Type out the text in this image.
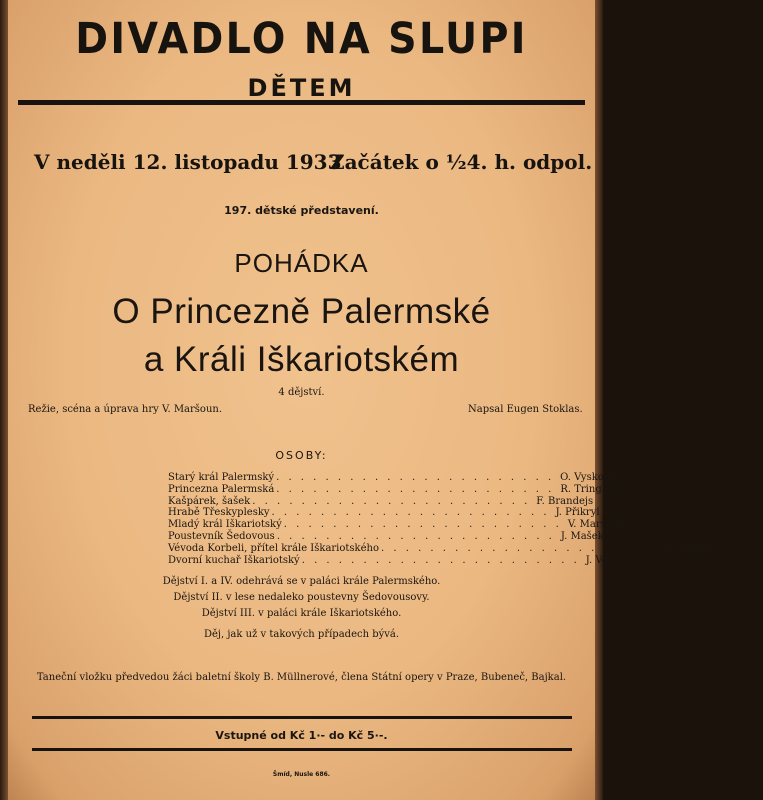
DIVADLO NA SLUPI
DĚTEM
V neděli 12. listopadu 1933
Začátek o ½4. h. odpol.
197. dětské představení.
POHÁDKA
O Princezně Palermské
a Králi Iškariotském
4 dějství.
Režie, scéna a úprava hry V. Maršoun.	Napsal Eugen Stoklas.
OSOBY:
Starý král Palermský . . . . . . . . . . . . . . . . . . . . . . . O. Vyskočil
Princezna Palermská . . . . . . . . . . . . . . . . . . . . . . . R. Tringlerová
Kašpárek, šašek . . . . . . . . . . . . . . . . . . . . . . . F. Brandejs
Hrabě Třeskyplesky . . . . . . . . . . . . . . . . . . . . . . . J. Přikryl
Mladý král Iškariotský . . . . . . . . . . . . . . . . . . . . . . . V. Maršoun
Poustevník Šedovous . . . . . . . . . . . . . . . . . . . . . . . J. Mašek
Vévoda Korbeli, přítel krále Iškariotského . . . . . . . . . . . . . . . . . . . . . . . A. Suska
Dvorní kuchař Iškariotský . . . . . . . . . . . . . . . . . . . . . . . J. Vojta
Dějství I. a IV. odehrává se v paláci krále Palermského.
Dějství II. v lese nedaleko poustevny Šedovousovy.
Dějství III. v paláci krále Iškariotského.
Děj, jak už v takových případech bývá.
Taneční vložku předvedou žáci baletní školy B. Müllnerové, člena Státní opery v Praze, Bubeneč, Bajkal.
Vstupné od Kč 1·- do Kč 5·-.
Šmíd, Nusle 686.
